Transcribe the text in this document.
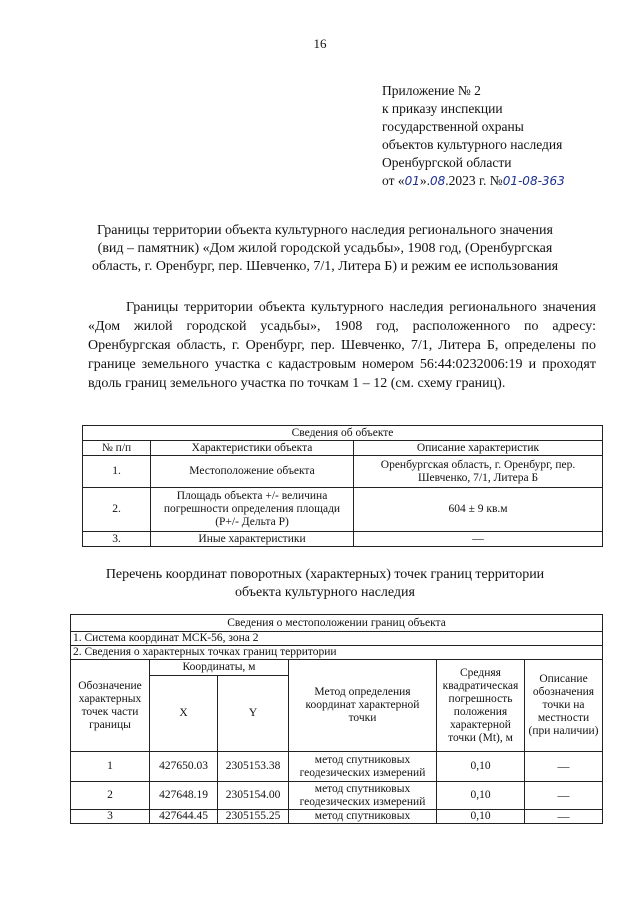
16
Приложение № 2
к приказу инспекции
государственной охраны
объектов культурного наследия
Оренбургской области
от «01».08.2023 г. №01-08-363
Границы территории объекта культурного наследия регионального значения (вид – памятник) «Дом жилой городской усадьбы», 1908 год, (Оренбургская область, г. Оренбург, пер. Шевченко, 7/1, Литера Б) и режим ее использования
Границы территории объекта культурного наследия регионального значения «Дом жилой городской усадьбы», 1908 год, расположенного по адресу: Оренбургская область, г. Оренбург, пер. Шевченко, 7/1, Литера Б, определены по границе земельного участка с кадастровым номером 56:44:0232006:19 и проходят вдоль границ земельного участка по точкам 1 – 12 (см. схему границ).
Сведения об объекте		
№ п/п	Характеристики объекта	Описание характеристик
1.	Местоположение объекта	Оренбургская область, г. Оренбург, пер. Шевченко, 7/1, Литера Б
2.	Площадь объекта +/- величина погрешности определения площади (Р+/- Дельта Р)	604 ± 9 кв.м
3.	Иные характеристики	—
Перечень координат поворотных (характерных) точек границ территории объекта культурного наследия
Сведения о местоположении границ объекта					
1. Система координат МСК-56, зона 2					
2. Сведения о характерных точках границ территории					
Обозначение характерных точек части границы	Координаты, м		Метод определения координат характерной точки	Средняя квадратическая погрешность положения характерной точки (Мt), м	Описание обозначения точки на местности (при наличии)
	X	Y			
1	427650.03	2305153.38	метод спутниковых геодезических измерений	0,10	—
2	427648.19	2305154.00	метод спутниковых геодезических измерений	0,10	—
3	427644.45	2305155.25	метод спутниковых	0,10	—
